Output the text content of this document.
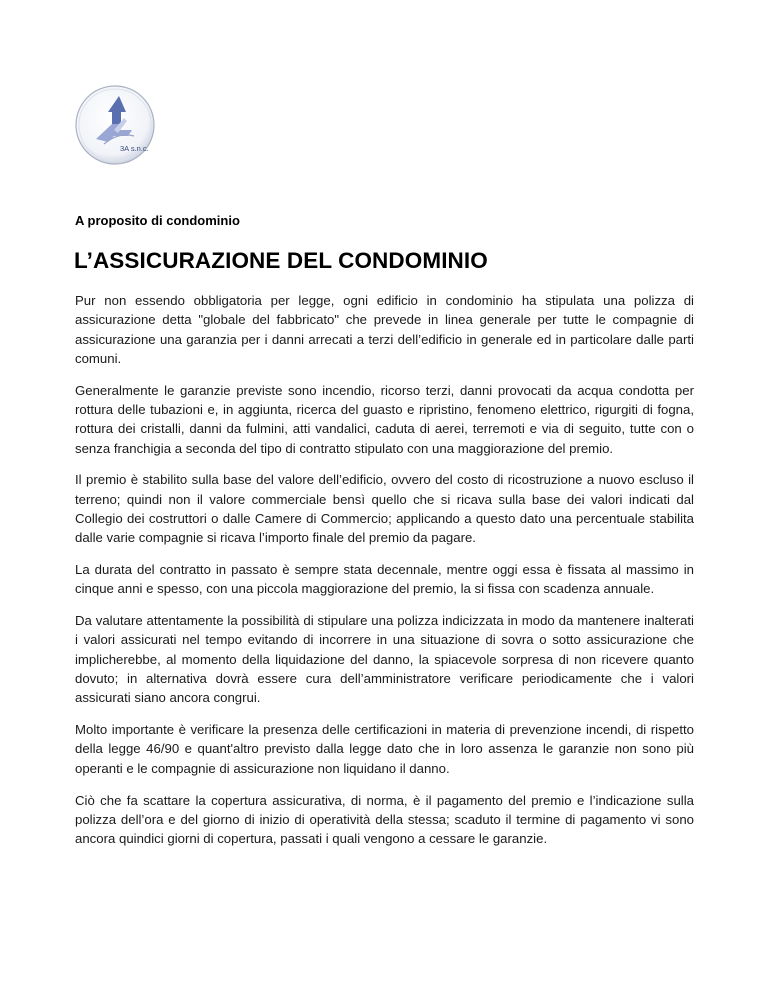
3A s.n.c.

A proposito di condominio

L’ASSICURAZIONE DEL CONDOMINIO

Pur non essendo obbligatoria per legge, ogni edificio in condominio ha stipulata una polizza di assicurazione detta "globale del fabbricato" che prevede in linea generale per tutte le compagnie di assicurazione una garanzia per i danni arrecati a terzi dell’edificio in generale ed in particolare dalle parti comuni.

Generalmente le garanzie previste sono incendio, ricorso terzi, danni provocati da acqua condotta per rottura delle tubazioni e, in aggiunta, ricerca del guasto e ripristino, fenomeno elettrico, rigurgiti di fogna, rottura dei cristalli, danni da fulmini, atti vandalici, caduta di aerei, terremoti e via di seguito, tutte con o senza franchigia a seconda del tipo di contratto stipulato con una maggiorazione del premio.

Il premio è stabilito sulla base del valore dell’edificio, ovvero del costo di ricostruzione a nuovo escluso il terreno; quindi non il valore commerciale bensì quello che si ricava sulla base dei valori indicati dal Collegio dei costruttori o dalle Camere di Commercio; applicando a questo dato una percentuale stabilita dalle varie compagnie si ricava l’importo finale del premio da pagare.

La durata del contratto in passato è sempre stata decennale, mentre oggi essa è fissata al massimo in cinque anni e spesso, con una piccola maggiorazione del premio, la si fissa con scadenza annuale.

Da valutare attentamente la possibilità di stipulare una polizza indicizzata in modo da mantenere inalterati i valori assicurati nel tempo evitando di incorrere in una situazione di sovra o sotto assicurazione che implicherebbe, al momento della liquidazione del danno, la spiacevole sorpresa di non ricevere quanto dovuto; in alternativa dovrà essere cura dell’amministratore verificare periodicamente che i valori assicurati siano ancora congrui.

Molto importante è verificare la presenza delle certificazioni in materia di prevenzione incendi, di rispetto della legge 46/90 e quant'altro previsto dalla legge dato che in loro assenza le garanzie non sono più operanti e le compagnie di assicurazione non liquidano il danno.

Ciò che fa scattare la copertura assicurativa, di norma, è il pagamento del premio e l’indicazione sulla polizza dell’ora e del giorno di inizio di operatività della stessa; scaduto il termine di pagamento vi sono ancora quindici giorni di copertura, passati i quali vengono a cessare le garanzie.
